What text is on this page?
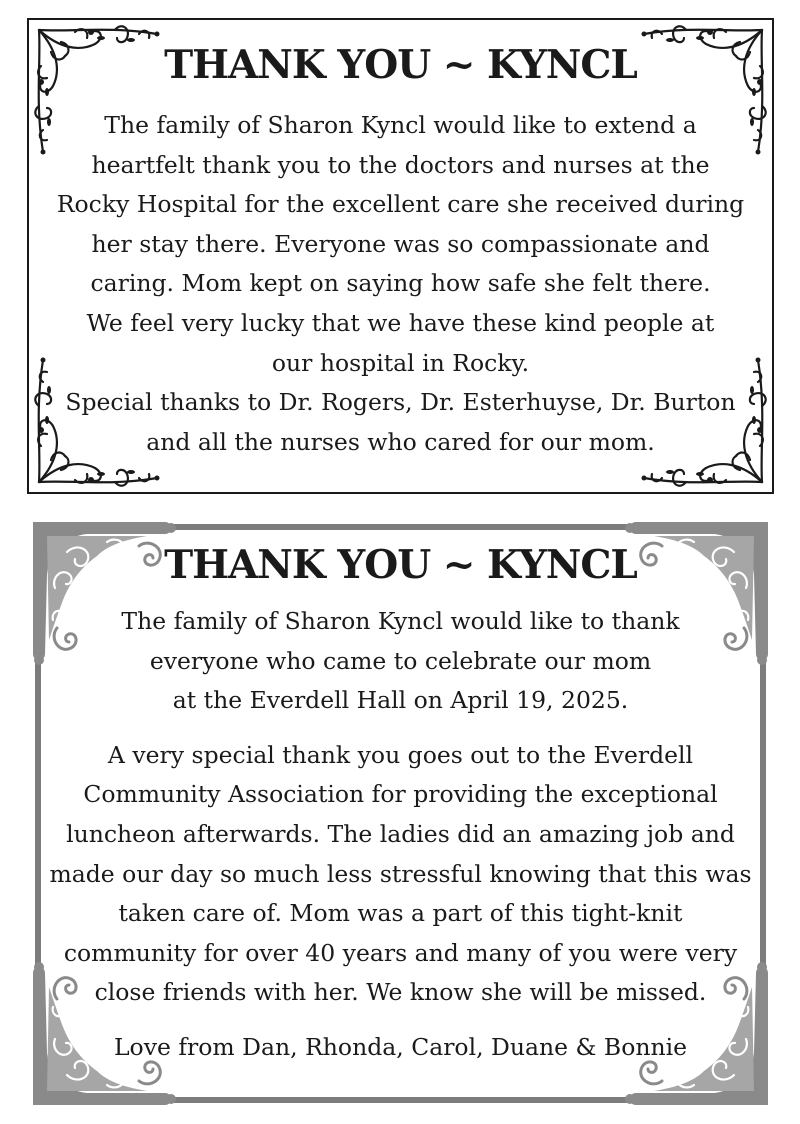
THANK YOU ~ KYNCL

The family of Sharon Kyncl would like to extend a
heartfelt thank you to the doctors and nurses at the
Rocky Hospital for the excellent care she received during
her stay there. Everyone was so compassionate and
caring. Mom kept on saying how safe she felt there.
We feel very lucky that we have these kind people at
our hospital in Rocky.
Special thanks to Dr. Rogers, Dr. Esterhuyse, Dr. Burton
and all the nurses who cared for our mom.

THANK YOU ~ KYNCL

The family of Sharon Kyncl would like to thank
everyone who came to celebrate our mom
at the Everdell Hall on April 19, 2025.

A very special thank you goes out to the Everdell
Community Association for providing the exceptional
luncheon afterwards. The ladies did an amazing job and
made our day so much less stressful knowing that this was
taken care of. Mom was a part of this tight-knit
community for over 40 years and many of you were very
close friends with her. We know she will be missed.

Love from Dan, Rhonda, Carol, Duane & Bonnie
